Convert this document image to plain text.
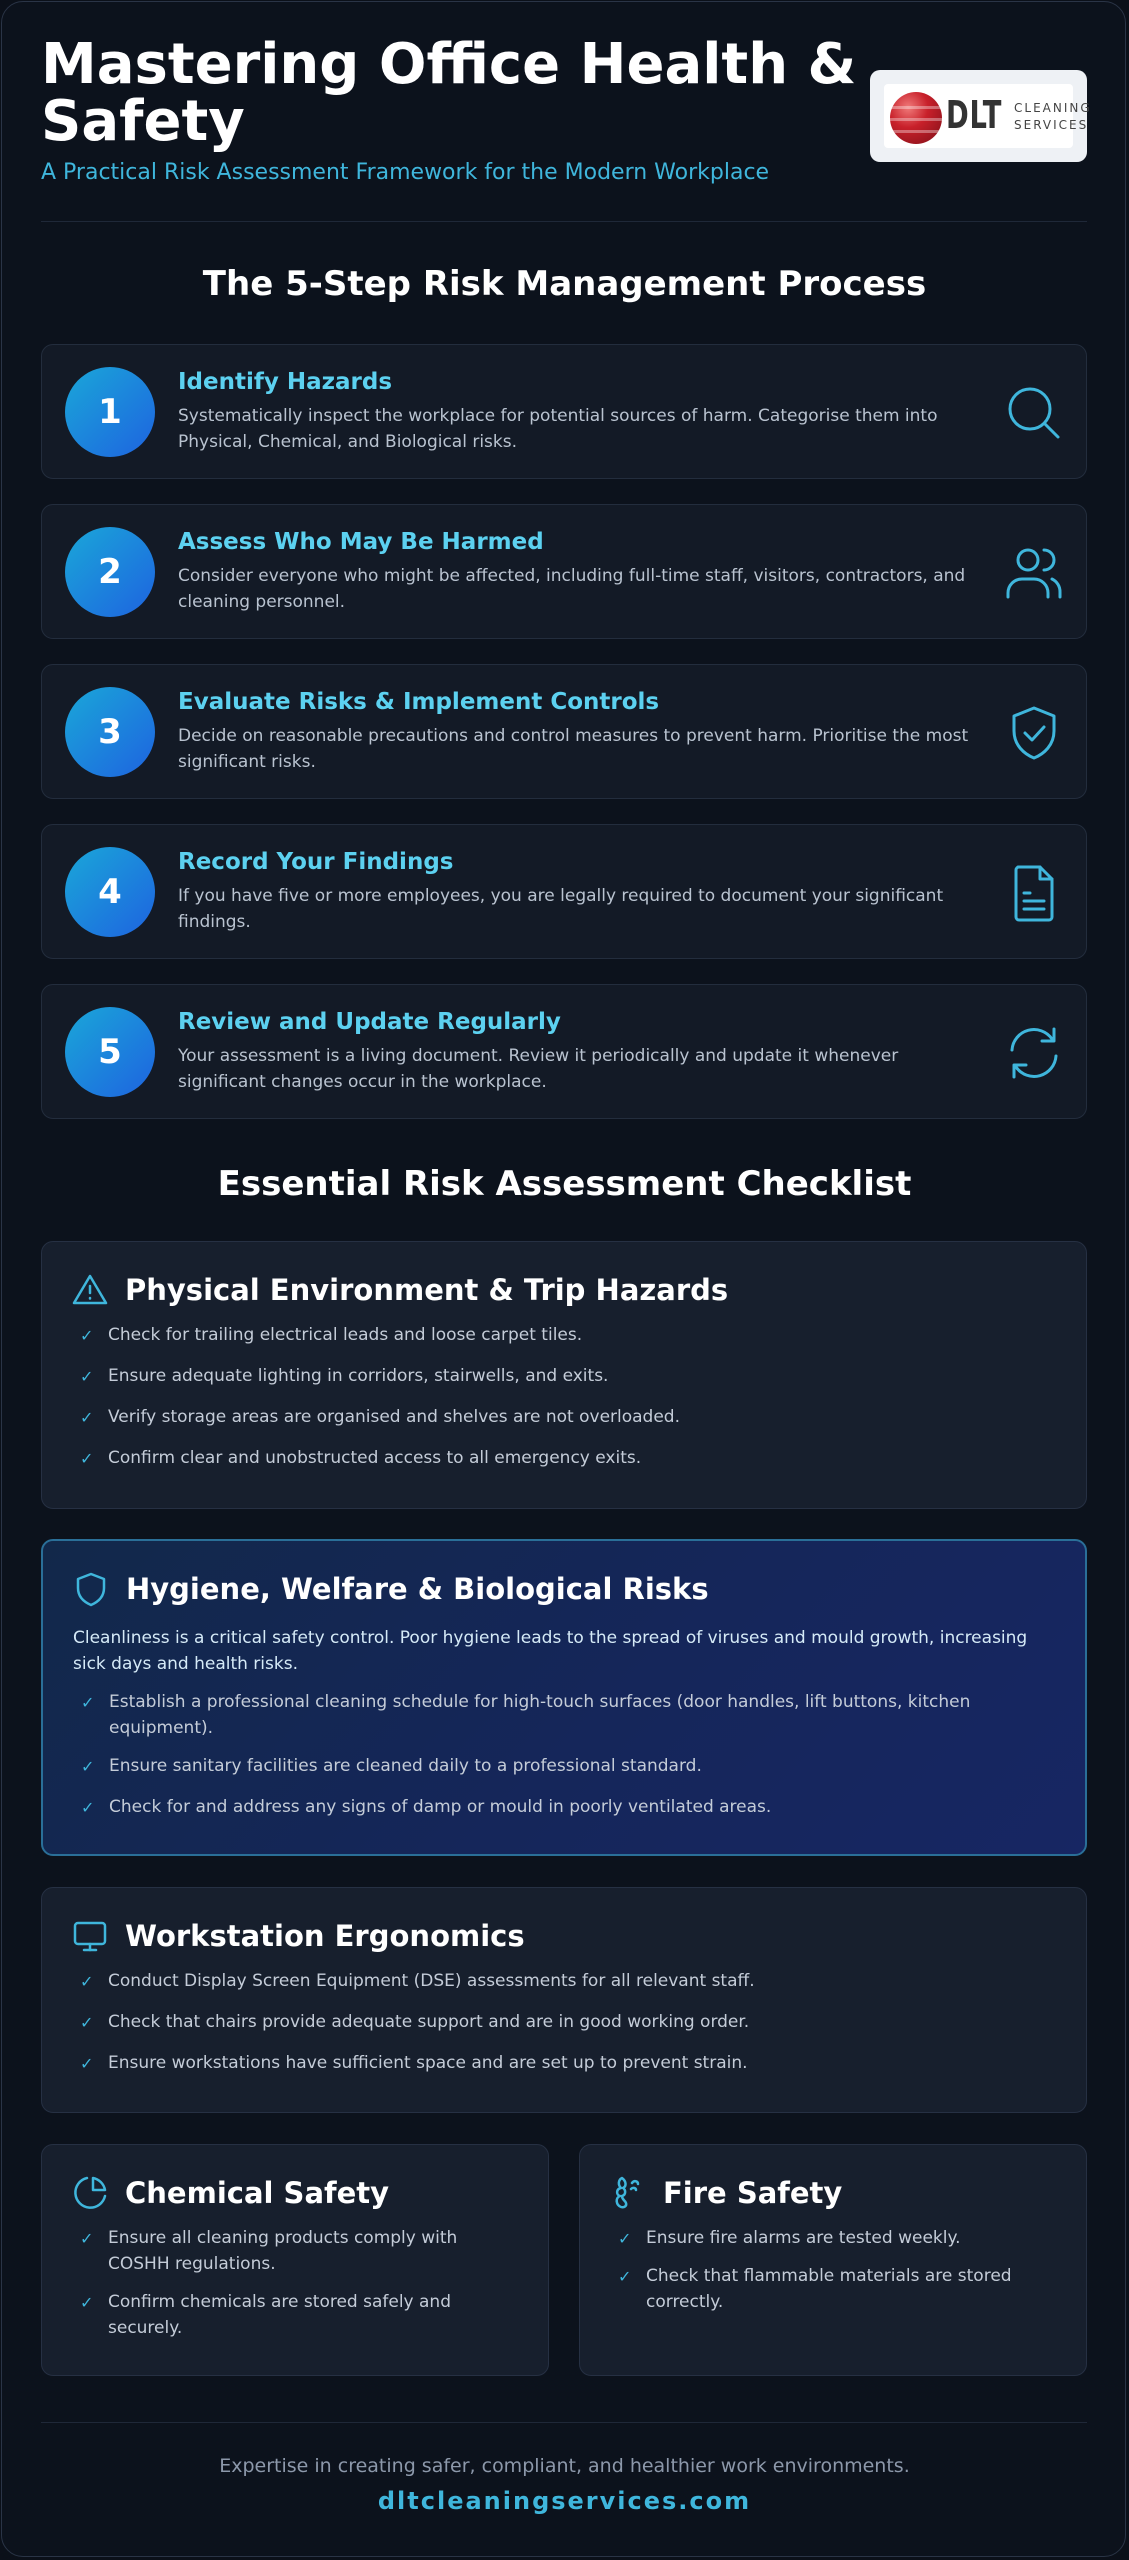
Mastering Office Health & Safety
A Practical Risk Assessment Framework for the Modern Workplace
DLT CLEANING
SERVICES
The 5-Step Risk Management Process
1
Identify Hazards
Systematically inspect the workplace for potential sources of harm. Categorise them into Physical, Chemical, and Biological risks.
2
Assess Who May Be Harmed
Consider everyone who might be affected, including full-time staff, visitors, contractors, and cleaning personnel.
3
Evaluate Risks & Implement Controls
Decide on reasonable precautions and control measures to prevent harm. Prioritise the most significant risks.
4
Record Your Findings
If you have five or more employees, you are legally required to document your significant findings.
5
Review and Update Regularly
Your assessment is a living document. Review it periodically and update it whenever significant changes occur in the workplace.
Essential Risk Assessment Checklist
Physical Environment & Trip Hazards
✓ Check for trailing electrical leads and loose carpet tiles.
✓ Ensure adequate lighting in corridors, stairwells, and exits.
✓ Verify storage areas are organised and shelves are not overloaded.
✓ Confirm clear and unobstructed access to all emergency exits.
Hygiene, Welfare & Biological Risks
Cleanliness is a critical safety control. Poor hygiene leads to the spread of viruses and mould growth, increasing sick days and health risks.
✓ Establish a professional cleaning schedule for high-touch surfaces (door handles, lift buttons, kitchen equipment).
✓ Ensure sanitary facilities are cleaned daily to a professional standard.
✓ Check for and address any signs of damp or mould in poorly ventilated areas.
Workstation Ergonomics
✓ Conduct Display Screen Equipment (DSE) assessments for all relevant staff.
✓ Check that chairs provide adequate support and are in good working order.
✓ Ensure workstations have sufficient space and are set up to prevent strain.
Chemical Safety
✓ Ensure all cleaning products comply with COSHH regulations.
✓ Confirm chemicals are stored safely and securely.
Fire Safety
✓ Ensure fire alarms are tested weekly.
✓ Check that flammable materials are stored correctly.
Expertise in creating safer, compliant, and healthier work environments.
dltcleaningservices.com
